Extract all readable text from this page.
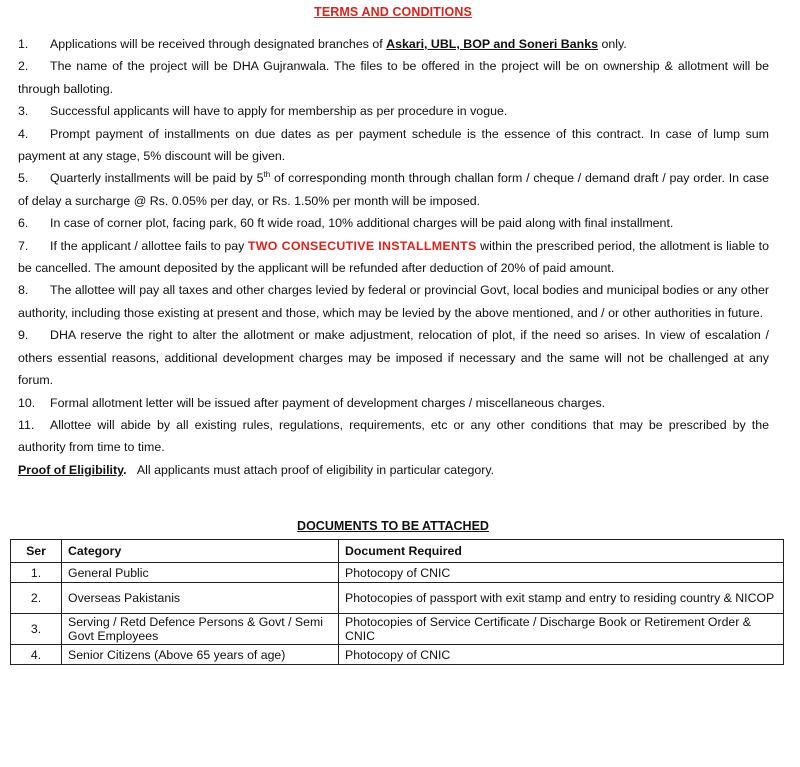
TERMS AND CONDITIONS

1. Applications will be received through designated branches of Askari, UBL, BOP and Soneri Banks only.

2. The name of the project will be DHA Gujranwala. The files to be offered in the project will be on ownership & allotment will be through balloting.

3. Successful applicants will have to apply for membership as per procedure in vogue.

4. Prompt payment of installments on due dates as per payment schedule is the essence of this contract. In case of lump sum payment at any stage, 5% discount will be given.

5. Quarterly installments will be paid by 5th of corresponding month through challan form / cheque / demand draft / pay order. In case of delay a surcharge @ Rs. 0.05% per day, or Rs. 1.50% per month will be imposed.

6. In case of corner plot, facing park, 60 ft wide road, 10% additional charges will be paid along with final installment.

7. If the applicant / allottee fails to pay TWO CONSECUTIVE INSTALLMENTS within the prescribed period, the allotment is liable to be cancelled. The amount deposited by the applicant will be refunded after deduction of 20% of paid amount.

8. The allottee will pay all taxes and other charges levied by federal or provincial Govt, local bodies and municipal bodies or any other authority, including those existing at present and those, which may be levied by the above mentioned, and / or other authorities in future.

9. DHA reserve the right to alter the allotment or make adjustment, relocation of plot, if the need so arises. In view of escalation / others essential reasons, additional development charges may be imposed if necessary and the same will not be challenged at any forum.

10. Formal allotment letter will be issued after payment of development charges / miscellaneous charges.

11. Allottee will abide by all existing rules, regulations, requirements, etc or any other conditions that may be prescribed by the authority from time to time.

Proof of Eligibility. All applicants must attach proof of eligibility in particular category.

DOCUMENTS TO BE ATTACHED
Ser	Category	Document Required
1.	General Public	Photocopy of CNIC
2.	Overseas Pakistanis	Photocopies of passport with exit stamp and entry to residing country & NICOP
3.	Serving / Retd Defence Persons & Govt / Semi Govt Employees	Photocopies of Service Certificate / Discharge Book or Retirement Order & CNIC
4.	Senior Citizens (Above 65 years of age)	Photocopy of CNIC
